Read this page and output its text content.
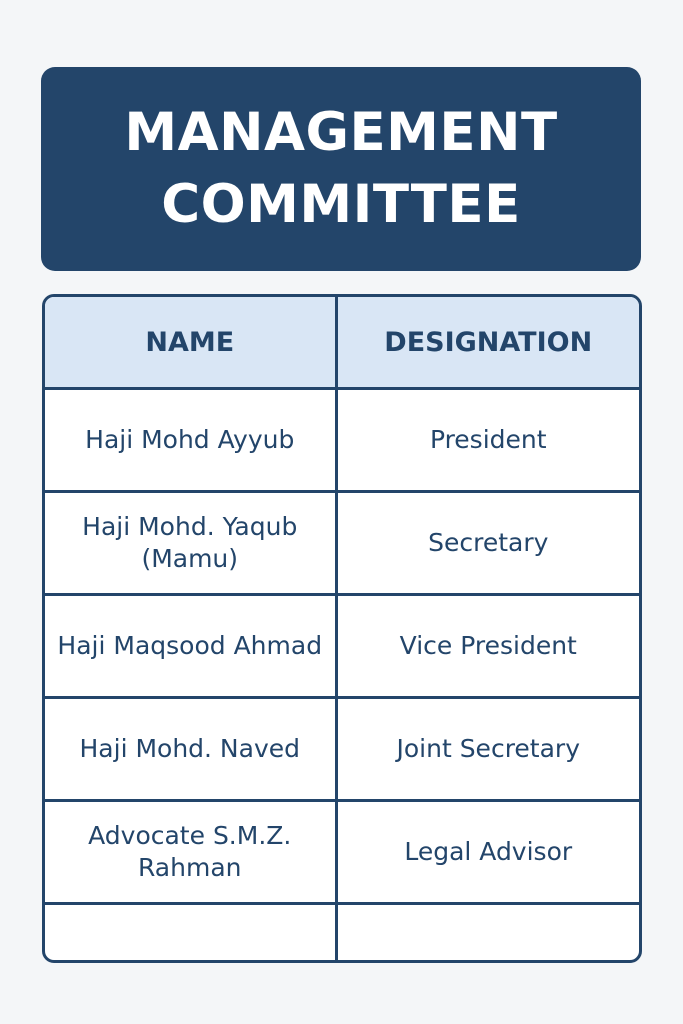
MANAGEMENT
COMMITTEE
NAME	DESIGNATION
Haji Mohd Ayyub	President
Haji Mohd. Yaqub (Mamu)	Secretary
Haji Maqsood Ahmad	Vice President
Haji Mohd. Naved	Joint Secretary
Advocate S.M.Z. Rahman	Legal Advisor
